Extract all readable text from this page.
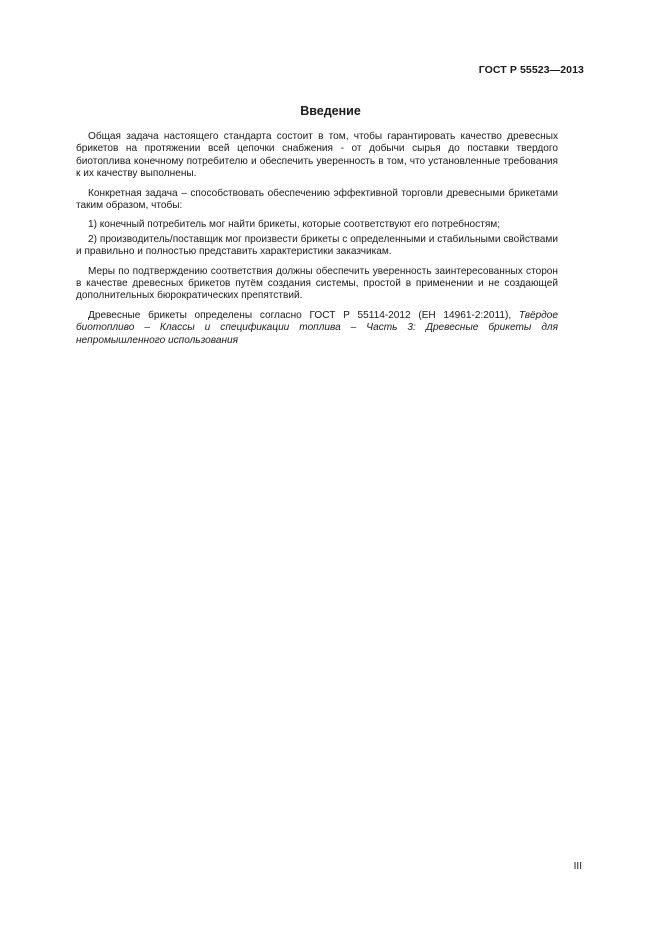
ГОСТ Р 55523—2013
Введение

Общая задача настоящего стандарта состоит в том, чтобы гарантировать качество древесных брикетов на протяжении всей цепочки снабжения - от добычи сырья до поставки твердого биотоплива конечному потребителю и обеспечить уверенность в том, что установленные требования к их качеству выполнены.

Конкретная задача – способствовать обеспечению эффективной торговли древесными брикетами таким образом, чтобы:

1) конечный потребитель мог найти брикеты, которые соответствуют его потребностям;

2) производитель/поставщик мог произвести брикеты с определенными и стабильными свойствами и правильно и полностью представить характеристики заказчикам.

Меры по подтверждению соответствия должны обеспечить уверенность заинтересованных сторон в качестве древесных брикетов путём создания системы, простой в применении и не создающей дополнительных бюрократических препятствий.

Древесные брикеты определены согласно ГОСТ Р 55114-2012 (ЕН 14961-2:2011), Твёрдое биотопливо – Классы и спецификации топлива – Часть 3: Древесные брикеты для непромышленного использования

III
